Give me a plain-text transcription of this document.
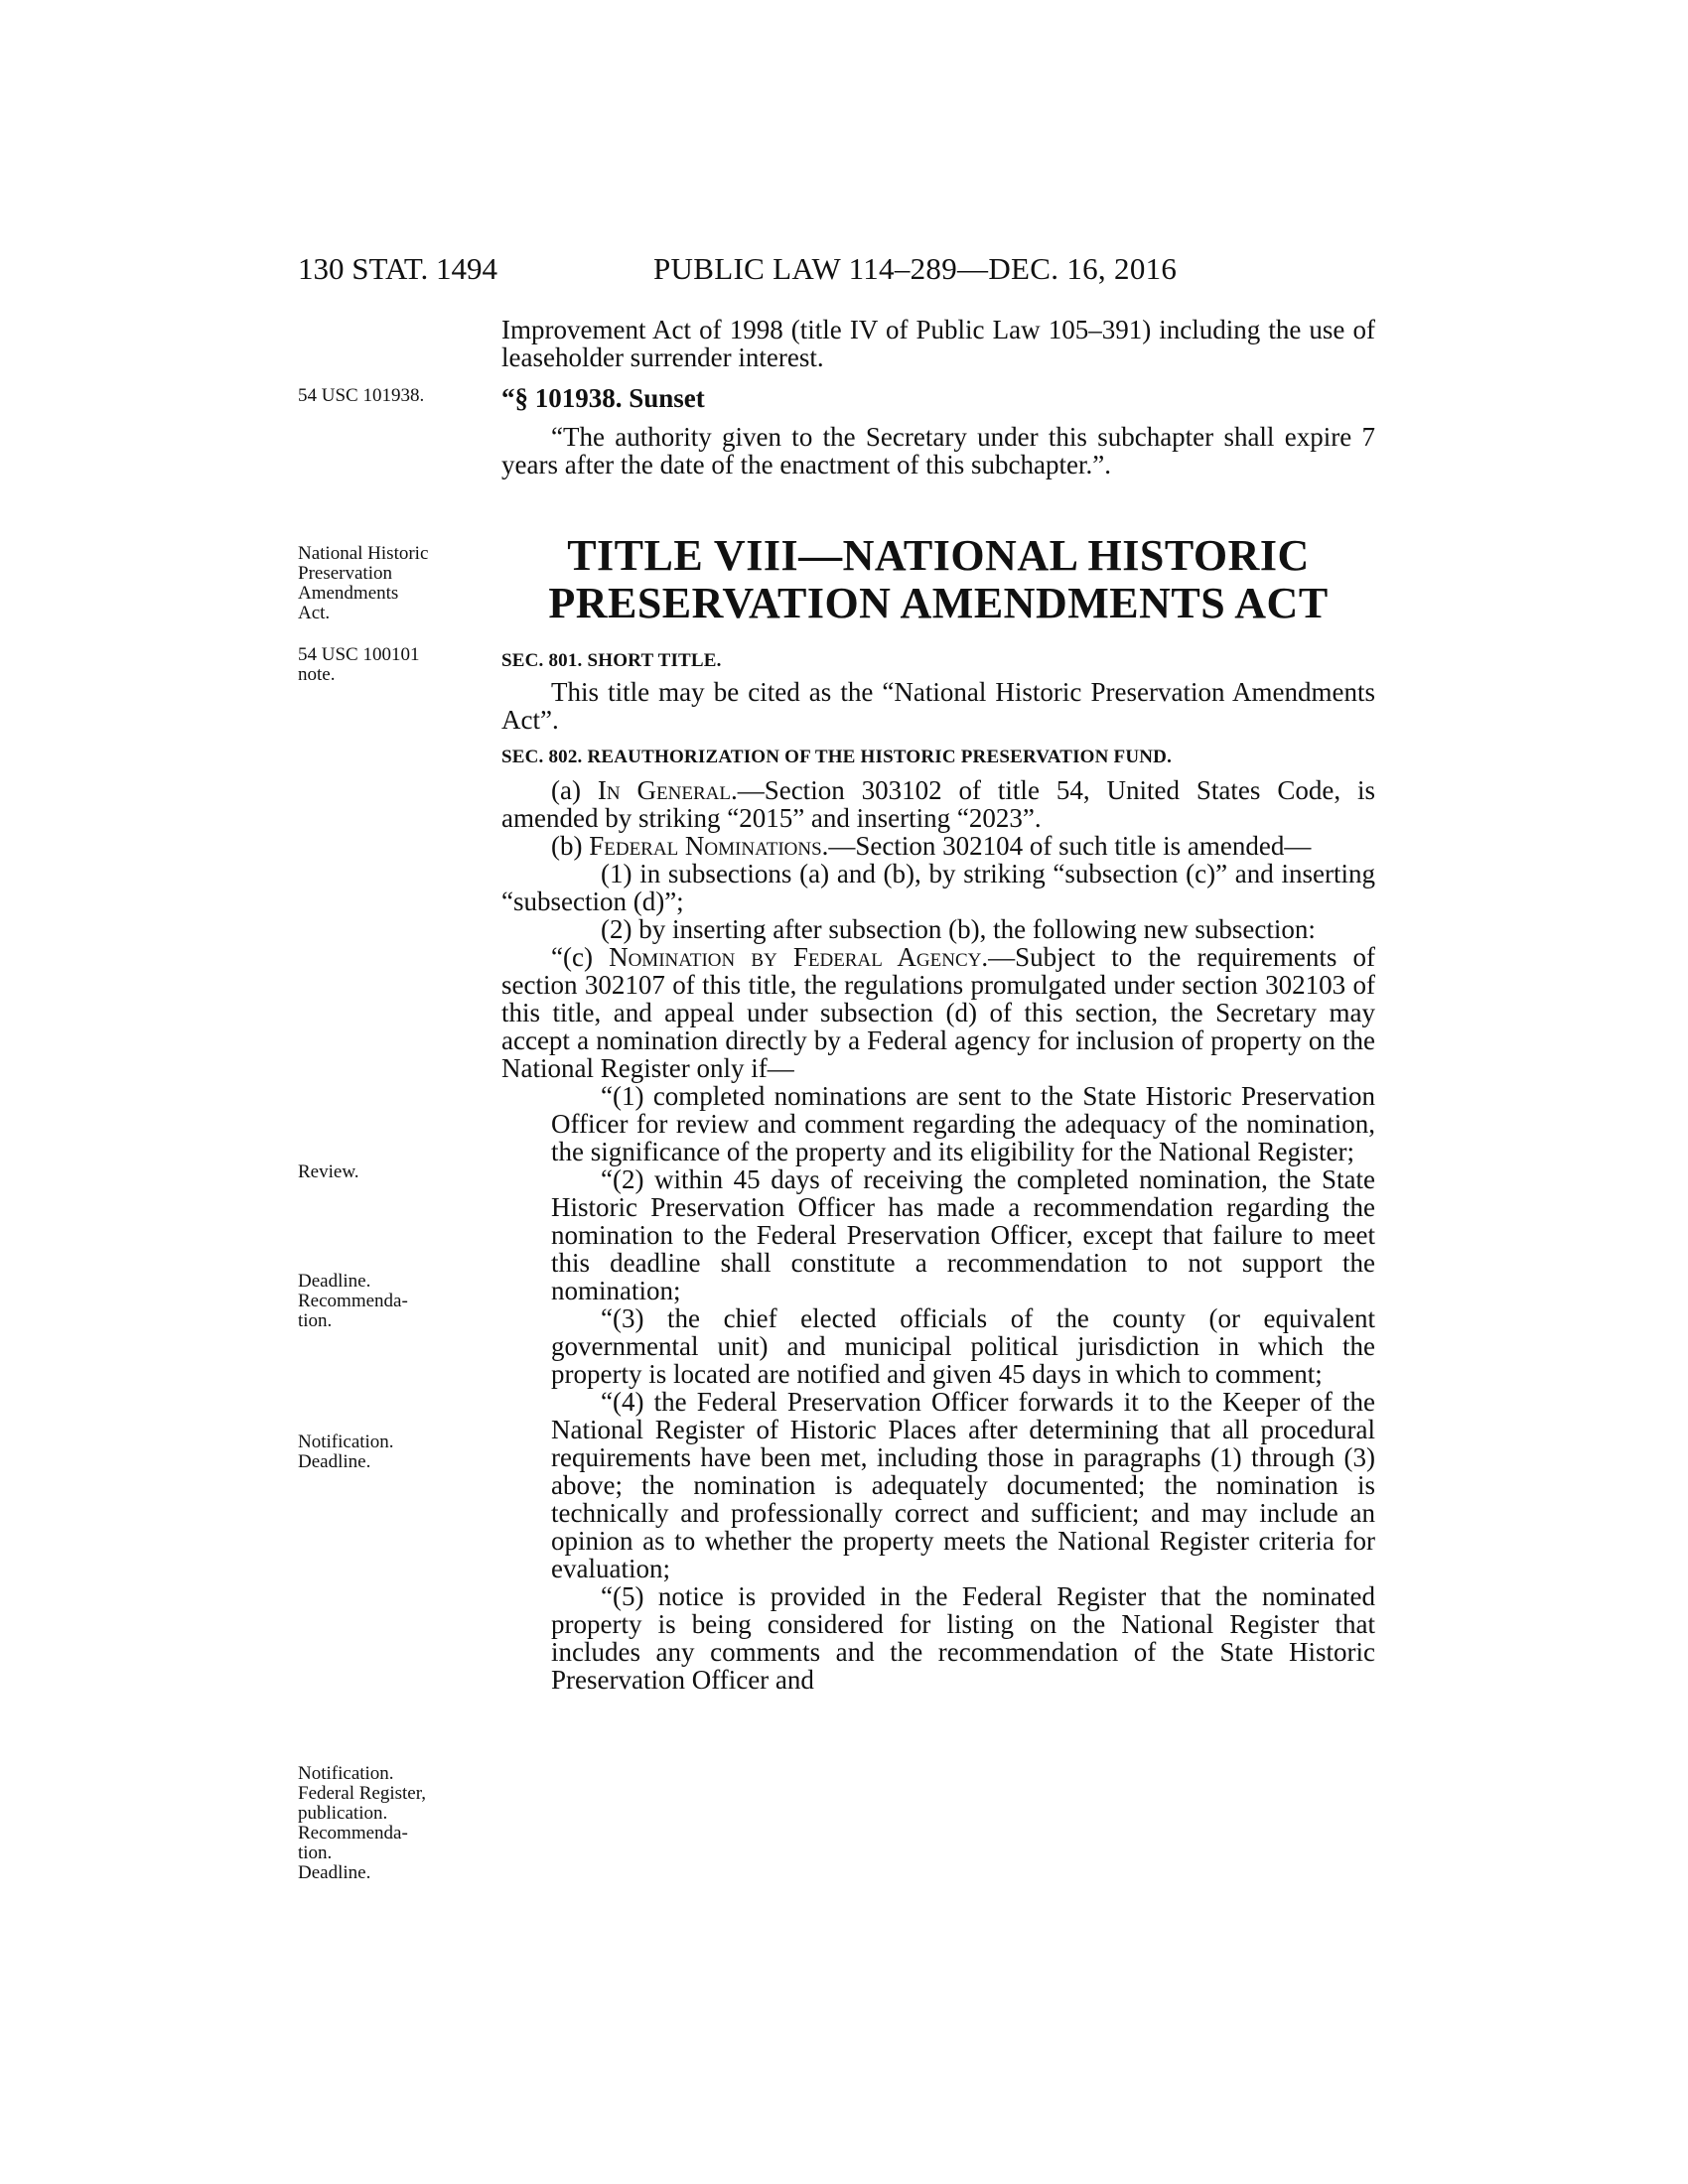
130 STAT. 1494	PUBLIC LAW 114–289—DEC. 16, 2016
54 USC 101938.
National Historic
Preservation
Amendments
Act.
54 USC 100101
note.
Review.
Deadline.
Recommenda-
tion.
Notification.
Deadline.
Notification.
Federal Register,
publication.
Recommenda-
tion.
Deadline.

Improvement Act of 1998 (title IV of Public Law 105–391) including the use of leaseholder surrender interest.

“§ 101938. Sunset

“The authority given to the Secretary under this subchapter shall expire 7 years after the date of the enactment of this subchapter.”.

TITLE VIII—NATIONAL HISTORIC
PRESERVATION AMENDMENTS ACT
SEC. 801. SHORT TITLE.

This title may be cited as the “National Historic Preservation Amendments Act”.

SEC. 802. REAUTHORIZATION OF THE HISTORIC PRESERVATION FUND.

(a) In General.—Section 303102 of title 54, United States Code, is amended by striking “2015” and inserting “2023”.

(b) Federal Nominations.—Section 302104 of such title is amended—

(1) in subsections (a) and (b), by striking “subsection (c)” and inserting “subsection (d)”;

(2) by inserting after subsection (b), the following new subsection:

“(c) Nomination by Federal Agency.—Subject to the requirements of section 302107 of this title, the regulations promulgated under section 302103 of this title, and appeal under subsection (d) of this section, the Secretary may accept a nomination directly by a Federal agency for inclusion of property on the National Register only if—

“(1) completed nominations are sent to the State Historic Preservation Officer for review and comment regarding the adequacy of the nomination, the significance of the property and its eligibility for the National Register;

“(2) within 45 days of receiving the completed nomination, the State Historic Preservation Officer has made a recommendation regarding the nomination to the Federal Preservation Officer, except that failure to meet this deadline shall constitute a recommendation to not support the nomination;

“(3) the chief elected officials of the county (or equivalent governmental unit) and municipal political jurisdiction in which the property is located are notified and given 45 days in which to comment;

“(4) the Federal Preservation Officer forwards it to the Keeper of the National Register of Historic Places after determining that all procedural requirements have been met, including those in paragraphs (1) through (3) above; the nomination is adequately documented; the nomination is technically and professionally correct and sufficient; and may include an opinion as to whether the property meets the National Register criteria for evaluation;

“(5) notice is provided in the Federal Register that the nominated property is being considered for listing on the National Register that includes any comments and the recommendation of the State Historic Preservation Officer and
